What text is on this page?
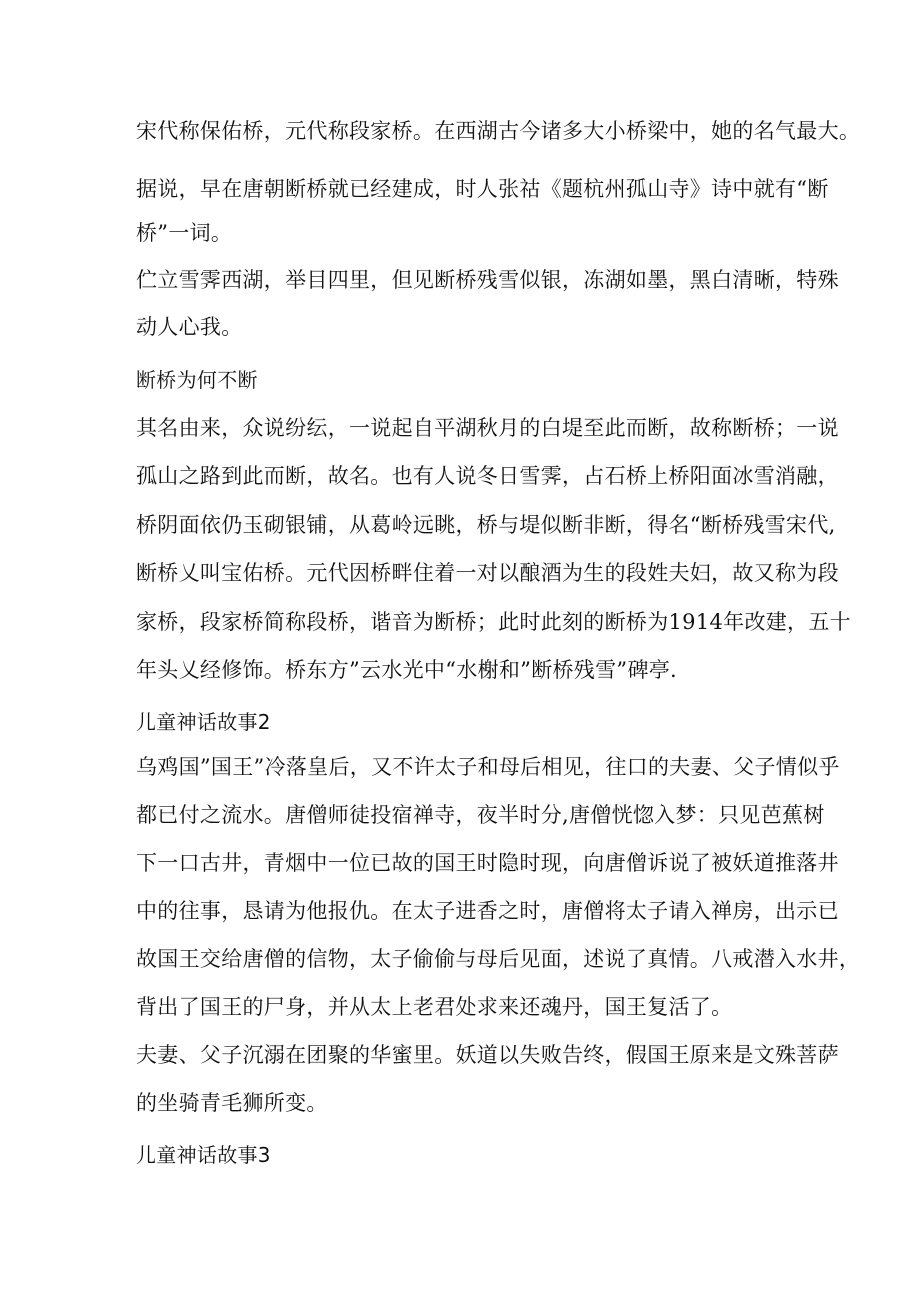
宋代称保佑桥，元代称段家桥。在西湖古今诸多大小桥梁中，她的名气最大。
据说，早在唐朝断桥就已经建成，时人张祜《题杭州孤山寺》诗中就有“断
桥”一词。
伫立雪霁西湖，举目四里，但见断桥残雪似银，冻湖如墨，黑白清晰，特殊
动人心我。
断桥为何不断
其名由来，众说纷纭，一说起自平湖秋月的白堤至此而断，故称断桥；一说
孤山之路到此而断，故名。也有人说冬日雪霁，占石桥上桥阳面冰雪消融，
桥阴面依仍玉砌银铺，从葛岭远眺，桥与堤似断非断，得名“断桥残雪宋代,
断桥乂叫宝佑桥。元代因桥畔住着一对以酿酒为生的段姓夫妇，故又称为段
家桥，段家桥简称段桥，谐音为断桥；此时此刻的断桥为1914年改建，五十
年头乂经修饰。桥东方”云水光中“水榭和”断桥残雪”碑亭.
儿童神话故事2
乌鸡国”国王”冷落皇后，又不许太子和母后相见，往口的夫妻、父子情似乎
都已付之流水。唐僧师徒投宿禅寺，夜半时分,唐僧恍惚入梦：只见芭蕉树
下一口古井，青烟中一位已故的国王时隐时现，向唐僧诉说了被妖道推落井
中的往事，恳请为他报仇。在太子进香之时，唐僧将太子请入禅房，出示已
故国王交给唐僧的信物，太子偷偷与母后见面，述说了真情。八戒潜入水井，
背出了国王的尸身，并从太上老君处求来还魂丹，国王复活了。
夫妻、父子沉溺在团聚的华蜜里。妖道以失败告终，假国王原来是文殊菩萨
的坐骑青毛狮所变。
儿童神话故事3
